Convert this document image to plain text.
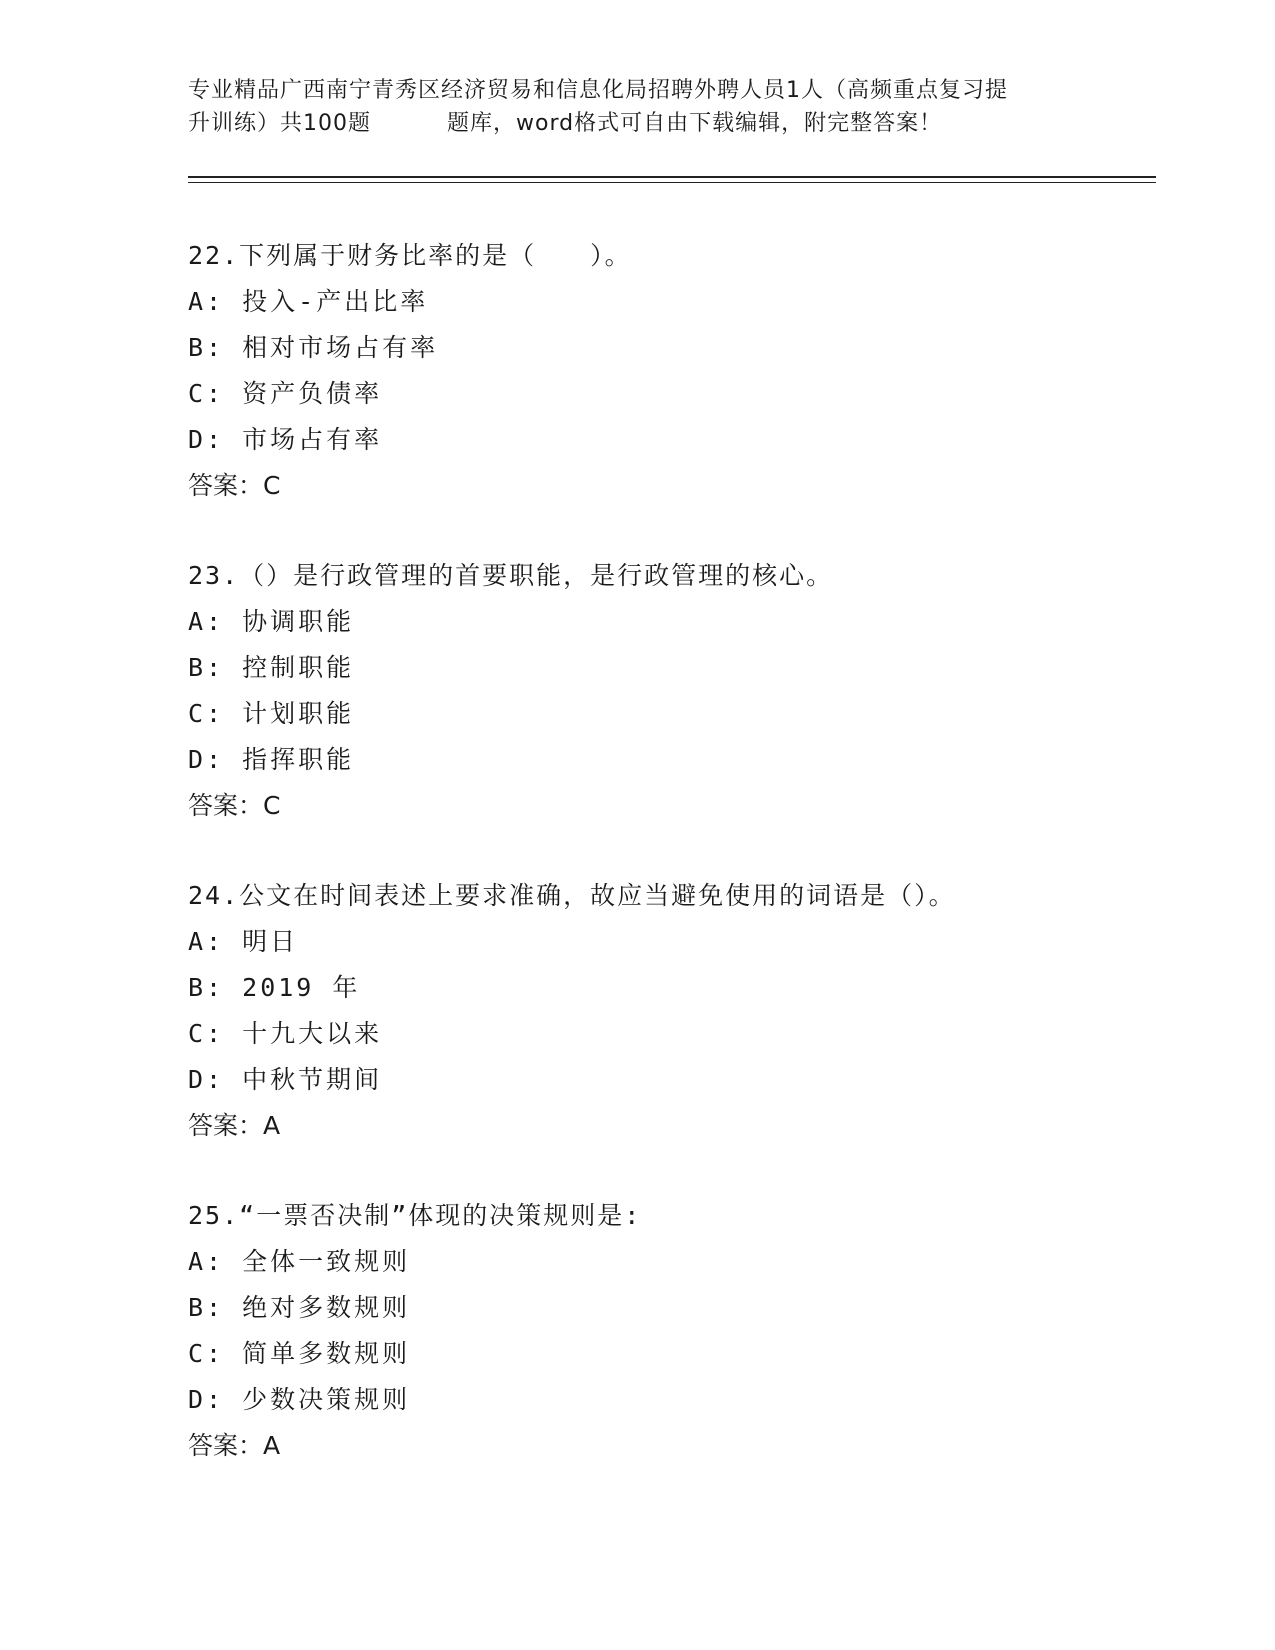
专业精品广西南宁青秀区经济贸易和信息化局招聘外聘人员1人（高频重点复习提
升训练）共100题	题库，word格式可自由下载编辑，附完整答案！
22.下列属于财务比率的是（　　）。
A: 投入-产出比率
B: 相对市场占有率
C: 资产负债率
D: 市场占有率
答案：C
23.（）是行政管理的首要职能，是行政管理的核心。
A: 协调职能
B: 控制职能
C: 计划职能
D: 指挥职能
答案：C
24.公文在时间表述上要求准确，故应当避免使用的词语是（）。
A: 明日
B: 2019 年
C: 十九大以来
D: 中秋节期间
答案：A
25.“一票否决制”体现的决策规则是:
A: 全体一致规则
B: 绝对多数规则
C: 简单多数规则
D: 少数决策规则
答案：A
